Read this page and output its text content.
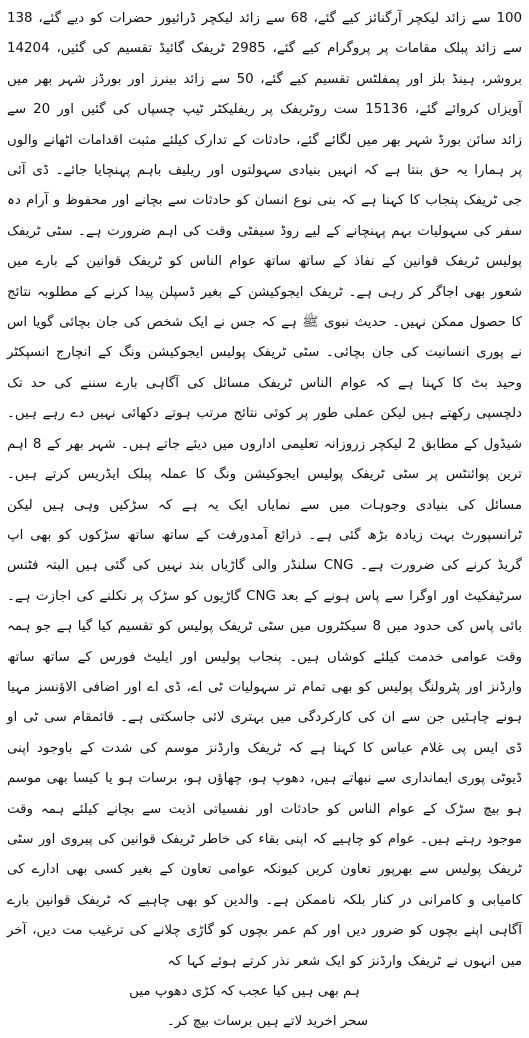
100 سے زائد لیکچر آرگنائز کیے گئے، 68 سے زائد لیکچر ڈرائیور حضرات کو دیے گئے، 138 سے زائد پبلک مقامات پر پروگرام کیے گئے، 2985 ٹریفک گائیڈ تقسیم کی گئیں، 14204 بروشر، ہینڈ بلز اور پمفلٹس تقسیم کیے گئے، 50 سے زائد بینرز اور بورڈز شہر بھر میں آویزاں کروائے گئے، 15136 ست روٹریفک پر ریفلیکٹر ٹیپ چسپاں کی گئیں اور 20 سے زائد سائن بورڈ شہر بھر میں لگائے گئے، حادثات کے تدارک کیلئے مثبت اقدامات اٹھانے والوں پر ہمارا یہ حق بنتا ہے کہ انہیں بنیادی سہولتوں اور ریلیف باہم پہنچایا جائے۔ ڈی آئی جی ٹریفک پنجاب کا کہنا ہے کہ بنی نوع انسان کو حادثات سے بچانے اور محفوظ و آرام دہ سفر کی سہولیات بہم پہنچانے کے لیے روڈ سیفٹی وقت کی اہم ضرورت ہے۔ سٹی ٹریفک پولیس ٹریفک قوانین کے نفاذ کے ساتھ ساتھ عوام الناس کو ٹریفک قوانین کے بارے میں شعور بھی اجاگر کر رہی ہے۔ ٹریفک ایجوکیشن کے بغیر ڈسپلن پیدا کرنے کے مطلوبہ نتائج کا حصول ممکن نہیں۔ حدیث نبوی ﷺ ہے کہ جس نے ایک شخص کی جان بچائی گویا اس نے پوری انسانیت کی جان بچائی۔ سٹی ٹریفک پولیس ایجوکیشن ونگ کے انچارج انسپکٹر وحید بٹ کا کہنا ہے کہ عوام الناس ٹریفک مسائل کی آگاہی بارے سننے کی حد تک دلچسپی رکھتے ہیں لیکن عملی طور پر کوئی نتائج مرتب ہوتے دکھائی نہیں دے رہے ہیں۔ شیڈول کے مطابق 2 لیکچر زروزانہ تعلیمی اداروں میں دیئے جاتے ہیں۔ شہر بھر کے 8 اہم ترین پوائنٹس پر سٹی ٹریفک پولیس ایجوکیشن ونگ کا عملہ پبلک ایڈریس کرتے ہیں۔ مسائل کی بنیادی وجوہات میں سے نمایاں ایک یہ ہے کہ سڑکیں وہی ہیں لیکن ٹرانسپورٹ بہت زیادہ بڑھ گئی ہے۔ ذرائع آمدورفت کے ساتھ ساتھ سڑکوں کو بھی اپ گریڈ کرنے کی ضرورت ہے۔ CNG سلنڈر والی گاڑیاں بند نہیں کی گئی ہیں البتہ فٹنس سرٹیفکیٹ اور اوگرا سے پاس ہونے کے بعد CNG گاڑیوں کو سڑک پر نکلنے کی اجازت ہے۔ بائی پاس کی حدود میں 8 سیکٹروں میں سٹی ٹریفک پولیس کو تقسیم کیا گیا ہے جو ہمہ وقت عوامی خدمت کیلئے کوشاں ہیں۔ پنجاب پولیس اور ایلیٹ فورس کے ساتھ ساتھ وارڈنز اور پٹرولنگ پولیس کو بھی تمام تر سہولیات ٹی اے، ڈی اے اور اضافی الاؤنسز مہیا ہونے چاہئیں جن سے ان کی کارکردگی میں بہتری لائی جاسکتی ہے۔ قائمقام سی ٹی او ڈی ایس پی غلام عباس کا کہنا ہے کہ ٹریفک وارڈنز موسم کی شدت کے باوجود اپنی ڈیوٹی پوری ایمانداری سے نبھاتے ہیں، دھوپ ہو، چھاؤں ہو، برسات ہو یا کیسا بھی موسم ہو بیچ سڑک کے عوام الناس کو حادثات اور نفسیاتی اذیت سے بچانے کیلئے ہمہ وقت موجود رہتے ہیں۔ عوام کو چاہیے کہ اپنی بقاء کی خاطر ٹریفک قوانین کی پیروی اور سٹی ٹریفک پولیس سے بھرپور تعاون کریں کیونکہ عوامی تعاون کے بغیر کسی بھی ادارے کی کامیابی و کامرانی در کنار بلکہ ناممکن ہے۔ والدین کو بھی چاہیے کہ ٹریفک قوانین بارے آگاہی اپنے بچوں کو ضرور دیں اور کم عمر بچوں کو گاڑی چلانے کی ترغیب مت دیں، آخر میں انہوں نے ٹریفک وارڈنز کو ایک شعر نذر کرتے ہوئے کہا کہ

ہم بھی ہیں کیا عجب کہ کڑی دھوپ میں

سحر اخرید لاتے ہیں برسات بیچ کر۔
